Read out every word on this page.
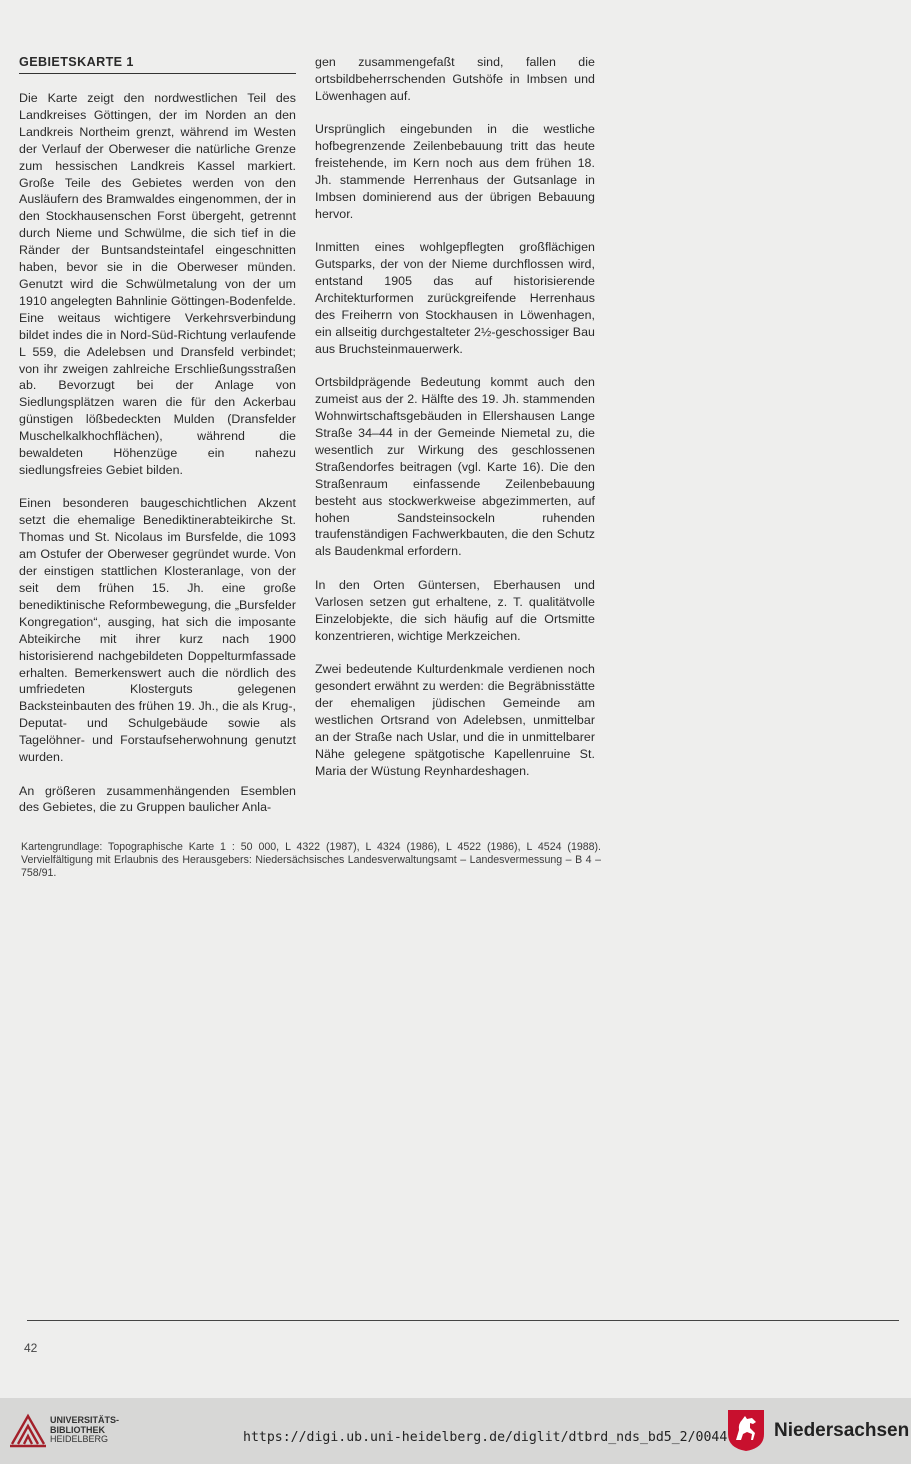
GEBIETSKARTE 1

Die Karte zeigt den nordwestlichen Teil des Landkreises Göttingen, der im Norden an den Landkreis Northeim grenzt, während im Westen der Verlauf der Oberweser die natürliche Grenze zum hessischen Landkreis Kassel markiert. Große Teile des Gebietes werden von den Ausläufern des Bramwaldes eingenommen, der in den Stockhausenschen Forst übergeht, getrennt durch Nieme und Schwülme, die sich tief in die Ränder der Buntsandsteintafel eingeschnitten haben, bevor sie in die Oberweser münden. Genutzt wird die Schwülmetalung von der um 1910 angelegten Bahnlinie Göttingen-Bodenfelde. Eine weitaus wichtigere Verkehrsverbindung bildet indes die in Nord-Süd-Richtung verlaufende L 559, die Adelebsen und Dransfeld verbindet; von ihr zweigen zahlreiche Erschließungsstraßen ab. Bevorzugt bei der Anlage von Siedlungsplätzen waren die für den Ackerbau günstigen lößbedeckten Mulden (Dransfelder Muschelkalkhochflächen), während die bewaldeten Höhenzüge ein nahezu siedlungsfreies Gebiet bilden.

Einen besonderen baugeschichtlichen Akzent setzt die ehemalige Benediktinerabteikirche St. Thomas und St. Nicolaus im Bursfelde, die 1093 am Ostufer der Oberweser gegründet wurde. Von der einstigen stattlichen Klosteranlage, von der seit dem frühen 15. Jh. eine große benediktinische Reformbewegung, die „Bursfelder Kongregation“, ausging, hat sich die imposante Abteikirche mit ihrer kurz nach 1900 historisierend nachgebildeten Doppelturmfassade erhalten. Bemerkenswert auch die nördlich des umfriedeten Klosterguts gelegenen Backsteinbauten des frühen 19. Jh., die als Krug-, Deputat- und Schulgebäude sowie als Tagelöhner- und Forstaufseherwohnung genutzt wurden.

An größeren zusammenhängenden Esemblen des Gebietes, die zu Gruppen baulicher Anla-

gen zusammengefaßt sind, fallen die ortsbildbeherrschenden Gutshöfe in Imbsen und Löwenhagen auf.

Ursprünglich eingebunden in die westliche hofbegrenzende Zeilenbebauung tritt das heute freistehende, im Kern noch aus dem frühen 18. Jh. stammende Herrenhaus der Gutsanlage in Imbsen dominierend aus der übrigen Bebauung hervor.

Inmitten eines wohlgepflegten großflächigen Gutsparks, der von der Nieme durchflossen wird, entstand 1905 das auf historisierende Architekturformen zurückgreifende Herrenhaus des Freiherrn von Stockhausen in Löwenhagen, ein allseitig durchgestalteter 2½-geschossiger Bau aus Bruchsteinmauerwerk.

Ortsbildprägende Bedeutung kommt auch den zumeist aus der 2. Hälfte des 19. Jh. stammenden Wohnwirtschaftsgebäuden in Ellershausen Lange Straße 34–44 in der Gemeinde Niemetal zu, die wesentlich zur Wirkung des geschlossenen Straßendorfes beitragen (vgl. Karte 16). Die den Straßenraum einfassende Zeilenbebauung besteht aus stockwerkweise abgezimmerten, auf hohen Sandsteinsockeln ruhenden traufenständigen Fachwerkbauten, die den Schutz als Baudenkmal erfordern.

In den Orten Güntersen, Eberhausen und Varlosen setzen gut erhaltene, z. T. qualitätvolle Einzelobjekte, die sich häufig auf die Ortsmitte konzentrieren, wichtige Merkzeichen.

Zwei bedeutende Kulturdenkmale verdienen noch gesondert erwähnt zu werden: die Begräbnisstätte der ehemaligen jüdischen Gemeinde am westlichen Ortsrand von Adelebsen, unmittelbar an der Straße nach Uslar, und die in unmittelbarer Nähe gelegene spätgotische Kapellenruine St. Maria der Wüstung Reynhardeshagen.

Kartengrundlage: Topographische Karte 1 : 50 000, L 4322 (1987), L 4324 (1986), L 4522 (1986), L 4524 (1988). Vervielfältigung mit Erlaubnis des Herausgebers: Niedersächsisches Landesverwaltungsamt – Landesvermessung – B 4 – 758/91.
42
UNIVERSITÄTS-
BIBLIOTHEK
HEIDELBERG	https://digi.ub.uni-heidelberg.de/diglit/dtbrd_nds_bd5_2/0044 Niedersachsen
